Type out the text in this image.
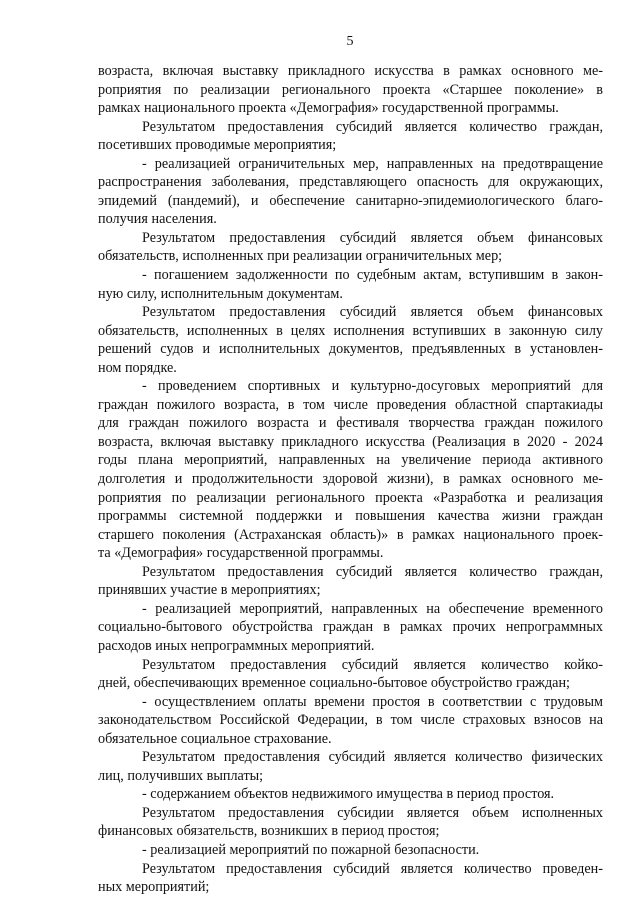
5
возраста, включая выставку прикладного искусства в рамках основного ме-
роприятия по реализации регионального проекта «Старшее поколение» в
рамках национального проекта «Демография» государственной программы.
Результатом предоставления субсидий является количество граждан,
посетивших проводимые мероприятия;
- реализацией ограничительных мер, направленных на предотвращение
распространения заболевания, представляющего опасность для окружающих,
эпидемий (пандемий), и обеспечение санитарно-эпидемиологического благо-
получия населения.
Результатом предоставления субсидий является объем финансовых
обязательств, исполненных при реализации ограничительных мер;
- погашением задолженности по судебным актам, вступившим в закон-
ную силу, исполнительным документам.
Результатом предоставления субсидий является объем финансовых
обязательств, исполненных в целях исполнения вступивших в законную силу
решений судов и исполнительных документов, предъявленных в установлен-
ном порядке.
- проведением спортивных и культурно-досуговых мероприятий для
граждан пожилого возраста, в том числе проведения областной спартакиады
для граждан пожилого возраста и фестиваля творчества граждан пожилого
возраста, включая выставку прикладного искусства (Реализация в 2020 - 2024
годы плана мероприятий, направленных на увеличение периода активного
долголетия и продолжительности здоровой жизни), в рамках основного ме-
роприятия по реализации регионального проекта «Разработка и реализация
программы системной поддержки и повышения качества жизни граждан
старшего поколения (Астраханская область)» в рамках национального проек-
та «Демография» государственной программы.
Результатом предоставления субсидий является количество граждан,
принявших участие в мероприятиях;
- реализацией мероприятий, направленных на обеспечение временного
социально-бытового обустройства граждан в рамках прочих непрограммных
расходов иных непрограммных мероприятий.
Результатом предоставления субсидий является количество койко-
дней, обеспечивающих временное социально-бытовое обустройство граждан;
- осуществлением оплаты времени простоя в соответствии с трудовым
законодательством Российской Федерации, в том числе страховых взносов на
обязательное социальное страхование.
Результатом предоставления субсидий является количество физических
лиц, получивших выплаты;
- содержанием объектов недвижимого имущества в период простоя.
Результатом предоставления субсидии является объем исполненных
финансовых обязательств, возникших в период простоя;
- реализацией мероприятий по пожарной безопасности.
Результатом предоставления субсидий является количество проведен-
ных мероприятий;
